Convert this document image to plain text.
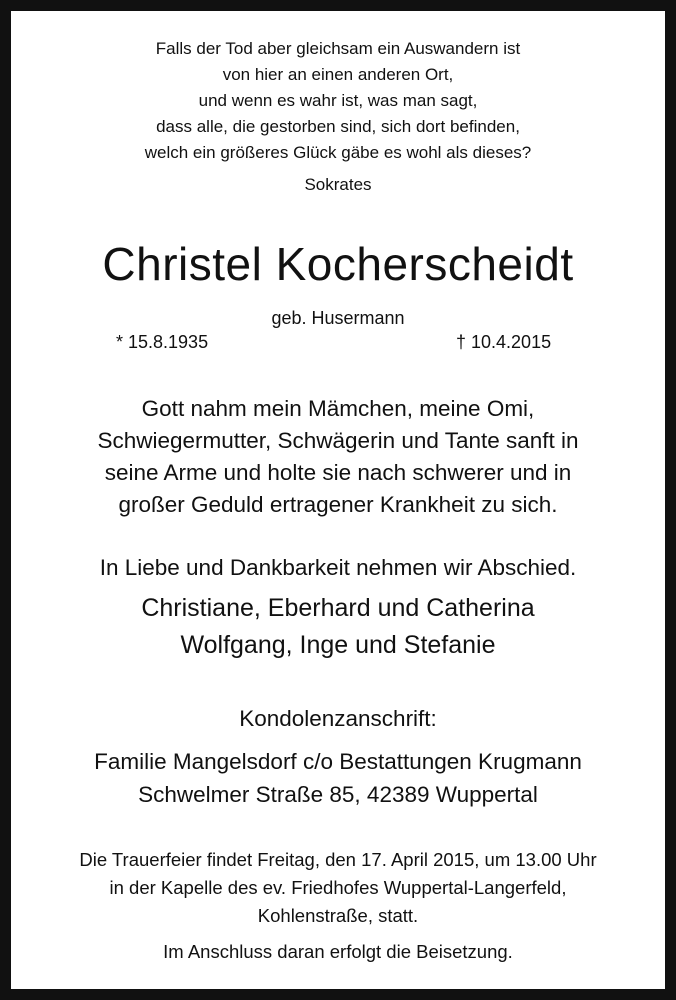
Falls der Tod aber gleichsam ein Auswandern ist
von hier an einen anderen Ort,
und wenn es wahr ist, was man sagt,
dass alle, die gestorben sind, sich dort befinden,
welch ein größeres Glück gäbe es wohl als dieses?
Sokrates
Christel Kocherscheidt
geb. Husermann
* 15.8.1935	† 10.4.2015
Gott nahm mein Mämchen, meine Omi,
Schwiegermutter, Schwägerin und Tante sanft in
seine Arme und holte sie nach schwerer und in
großer Geduld ertragener Krankheit zu sich.
In Liebe und Dankbarkeit nehmen wir Abschied.
Christiane, Eberhard und Catherina
Wolfgang, Inge und Stefanie
Kondolenzanschrift:
Familie Mangelsdorf c/o Bestattungen Krugmann
Schwelmer Straße 85, 42389 Wuppertal
Die Trauerfeier findet Freitag, den 17. April 2015, um 13.00 Uhr
in der Kapelle des ev. Friedhofes Wuppertal-Langerfeld,
Kohlenstraße, statt.
Im Anschluss daran erfolgt die Beisetzung.
